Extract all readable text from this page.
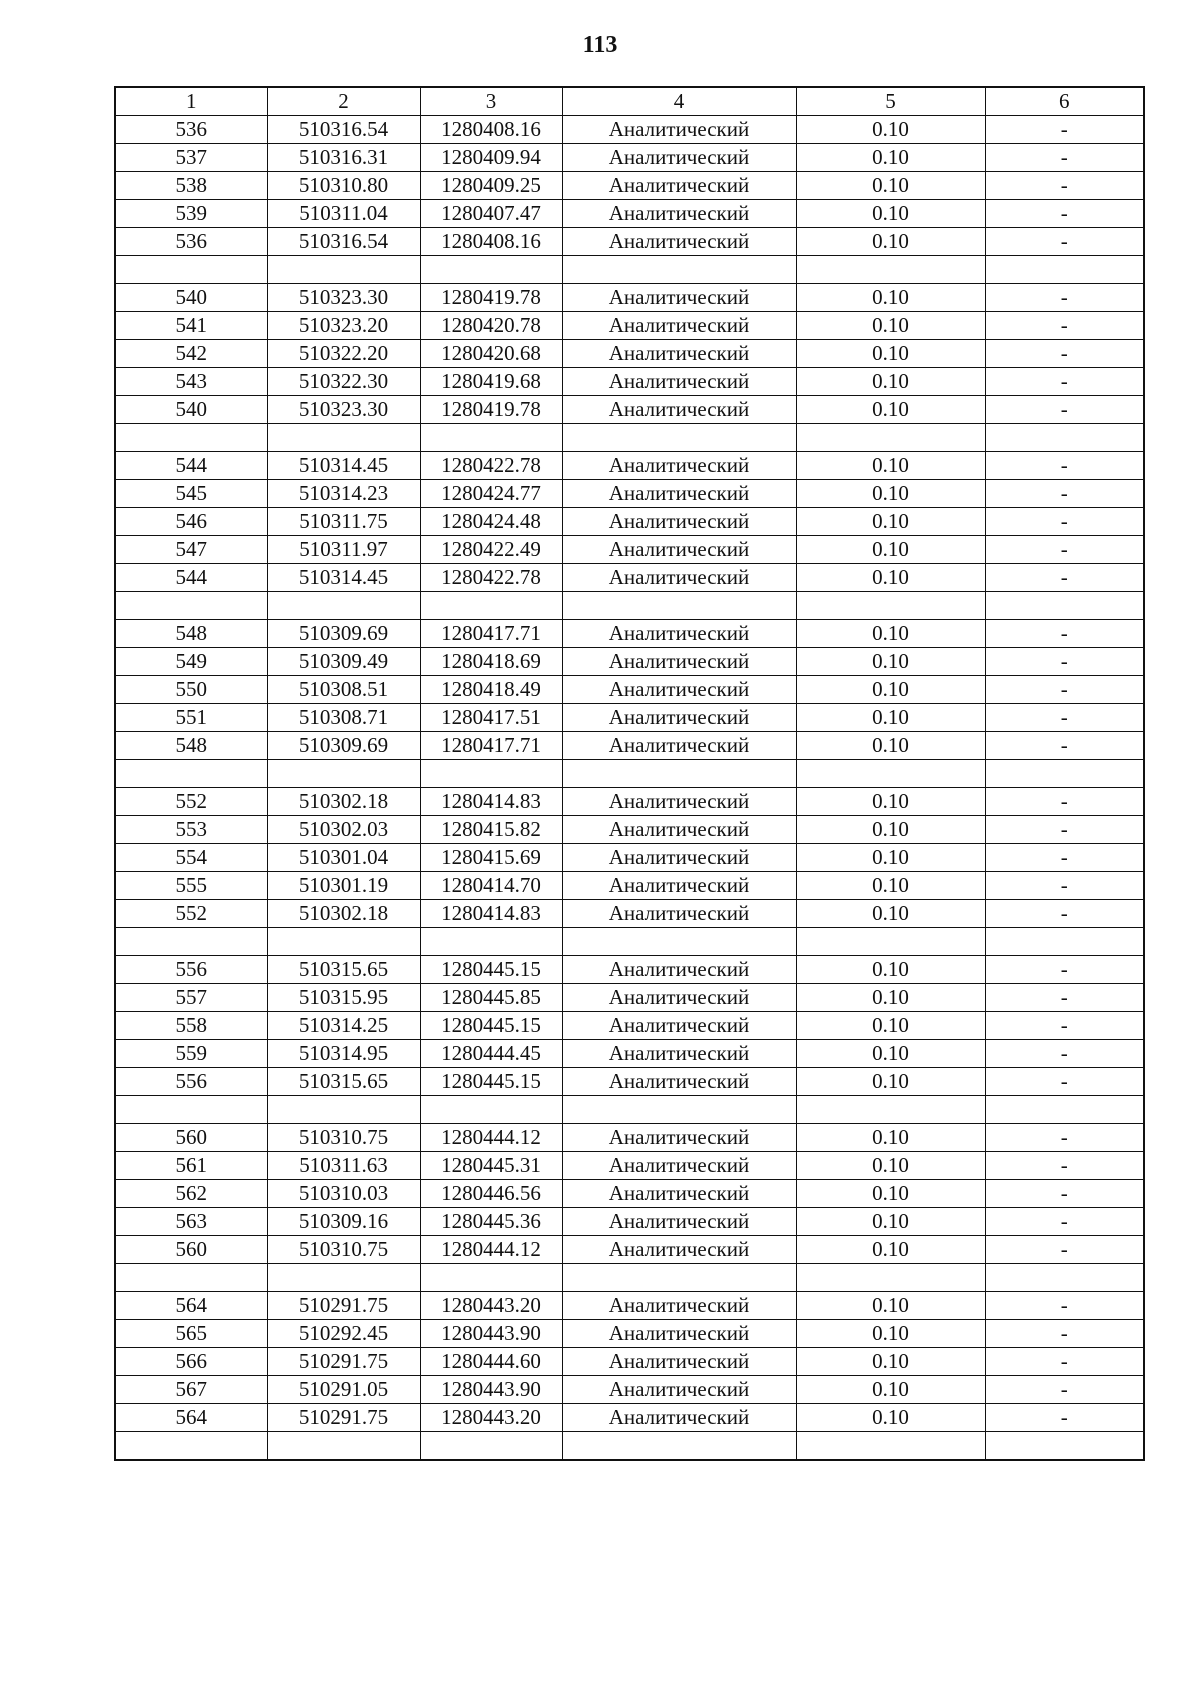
113
1	2	3	4	5	6
536	510316.54	1280408.16	Аналитический	0.10	-
537	510316.31	1280409.94	Аналитический	0.10	-
538	510310.80	1280409.25	Аналитический	0.10	-
539	510311.04	1280407.47	Аналитический	0.10	-
536	510316.54	1280408.16	Аналитический	0.10	-

540	510323.30	1280419.78	Аналитический	0.10	-
541	510323.20	1280420.78	Аналитический	0.10	-
542	510322.20	1280420.68	Аналитический	0.10	-
543	510322.30	1280419.68	Аналитический	0.10	-
540	510323.30	1280419.78	Аналитический	0.10	-

544	510314.45	1280422.78	Аналитический	0.10	-
545	510314.23	1280424.77	Аналитический	0.10	-
546	510311.75	1280424.48	Аналитический	0.10	-
547	510311.97	1280422.49	Аналитический	0.10	-
544	510314.45	1280422.78	Аналитический	0.10	-

548	510309.69	1280417.71	Аналитический	0.10	-
549	510309.49	1280418.69	Аналитический	0.10	-
550	510308.51	1280418.49	Аналитический	0.10	-
551	510308.71	1280417.51	Аналитический	0.10	-
548	510309.69	1280417.71	Аналитический	0.10	-

552	510302.18	1280414.83	Аналитический	0.10	-
553	510302.03	1280415.82	Аналитический	0.10	-
554	510301.04	1280415.69	Аналитический	0.10	-
555	510301.19	1280414.70	Аналитический	0.10	-
552	510302.18	1280414.83	Аналитический	0.10	-

556	510315.65	1280445.15	Аналитический	0.10	-
557	510315.95	1280445.85	Аналитический	0.10	-
558	510314.25	1280445.15	Аналитический	0.10	-
559	510314.95	1280444.45	Аналитический	0.10	-
556	510315.65	1280445.15	Аналитический	0.10	-

560	510310.75	1280444.12	Аналитический	0.10	-
561	510311.63	1280445.31	Аналитический	0.10	-
562	510310.03	1280446.56	Аналитический	0.10	-
563	510309.16	1280445.36	Аналитический	0.10	-
560	510310.75	1280444.12	Аналитический	0.10	-

564	510291.75	1280443.20	Аналитический	0.10	-
565	510292.45	1280443.90	Аналитический	0.10	-
566	510291.75	1280444.60	Аналитический	0.10	-
567	510291.05	1280443.90	Аналитический	0.10	-
564	510291.75	1280443.20	Аналитический	0.10	-
